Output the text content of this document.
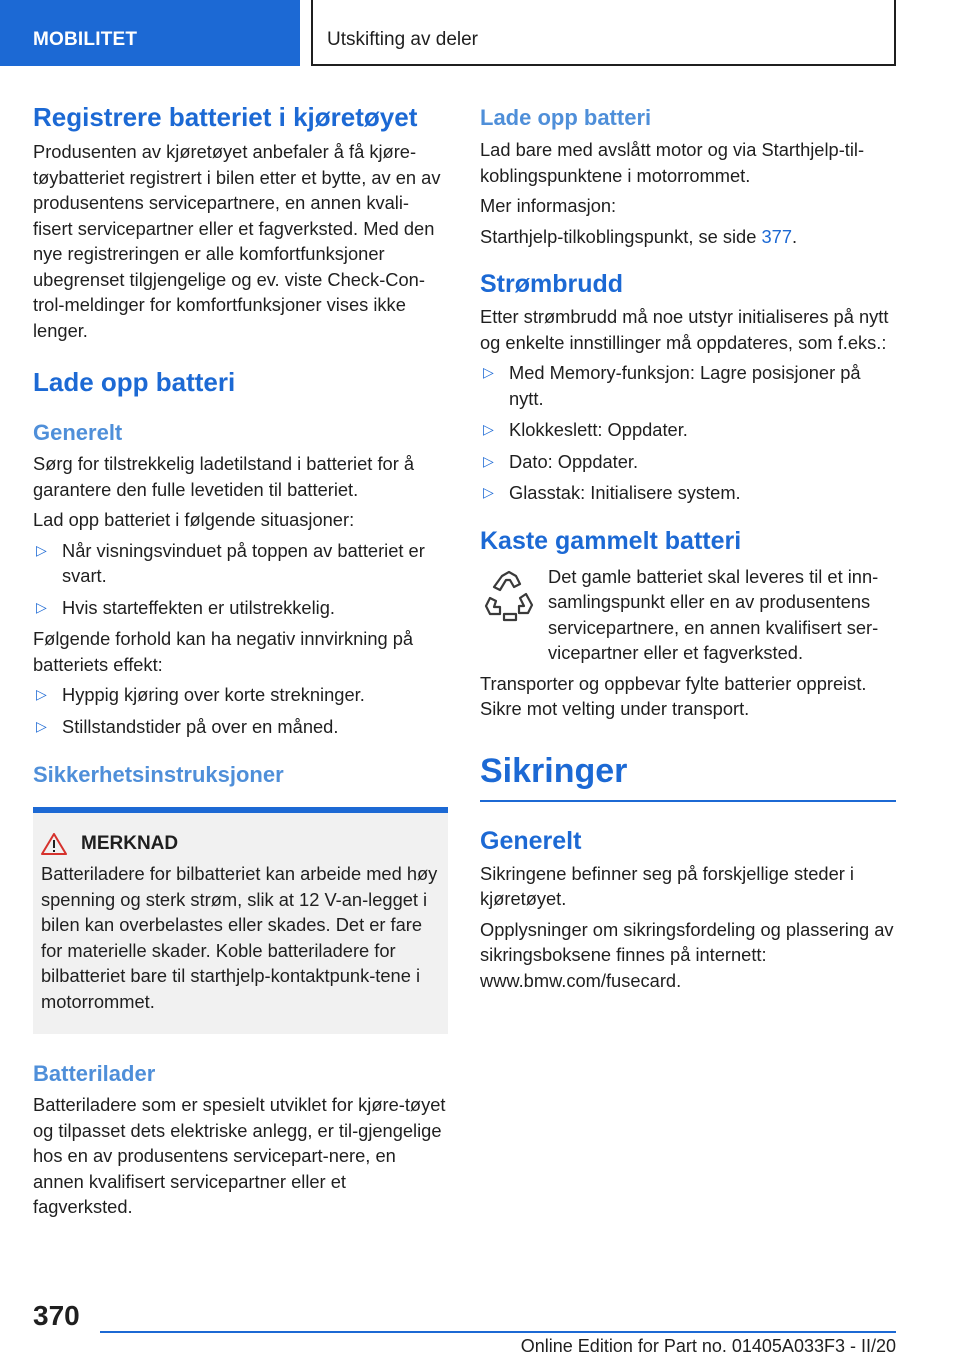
MOBILITET	Utskifting av deler
Registrere batteriet i kjøretøyet

Produsenten av kjøretøyet anbefaler å få kjøre-tøybatteriet registrert i bilen etter et bytte, av en av produsentens servicepartnere, en annen kvali-fisert servicepartner eller et fagverksted. Med den nye registreringen er alle komfortfunksjoner ubegrenset tilgjengelige og ev. viste Check-Con-trol-meldinger for komfortfunksjoner vises ikke lenger.

Lade opp batteri
Generelt

Sørg for tilstrekkelig ladetilstand i batteriet for å garantere den fulle levetiden til batteriet.

Lad opp batteriet i følgende situasjoner:

▷ Når visningsvinduet på toppen av batteriet er svart.
▷ Hvis starteffekten er utilstrekkelig.

Følgende forhold kan ha negativ innvirkning på batteriets effekt:

▷ Hyppig kjøring over korte strekninger.
▷ Stillstandstider på over en måned.
Sikkerhetsinstruksjoner
MERKNAD

Batteriladere for bilbatteriet kan arbeide med høy spenning og sterk strøm, slik at 12 V-an-legget i bilen kan overbelastes eller skades. Det er fare for materielle skader. Koble batteriladere for bilbatteriet bare til starthjelp-kontaktpunk-tene i motorrommet.

Batterilader

Batteriladere som er spesielt utviklet for kjøre-tøyet og tilpasset dets elektriske anlegg, er til-gjengelige hos en av produsentens servicepart-nere, en annen kvalifisert servicepartner eller et fagverksted.

Lade opp batteri

Lad bare med avslått motor og via Starthjelp-til-koblingspunktene i motorrommet.

Mer informasjon:

Starthjelp-tilkoblingspunkt, se side 377.

Strømbrudd

Etter strømbrudd må noe utstyr initialiseres på nytt og enkelte innstillinger må oppdateres, som f.eks.:

▷ Med Memory-funksjon: Lagre posisjoner på nytt.
▷ Klokkeslett: Oppdater.
▷ Dato: Oppdater.
▷ Glasstak: Initialisere system.
Kaste gammelt batteri

Det gamle batteriet skal leveres til et inn-samlingspunkt eller en av produsentens servicepartnere, en annen kvalifisert ser-vicepartner eller et fagverksted.

Transporter og oppbevar fylte batterier oppreist. Sikre mot velting under transport.

Sikringer
Generelt

Sikringene befinner seg på forskjellige steder i kjøretøyet.

Opplysninger om sikringsfordeling og plassering av sikringsboksene finnes på internett: www.bmw.com/fusecard.

370
Online Edition for Part no. 01405A033F3 - II/20
